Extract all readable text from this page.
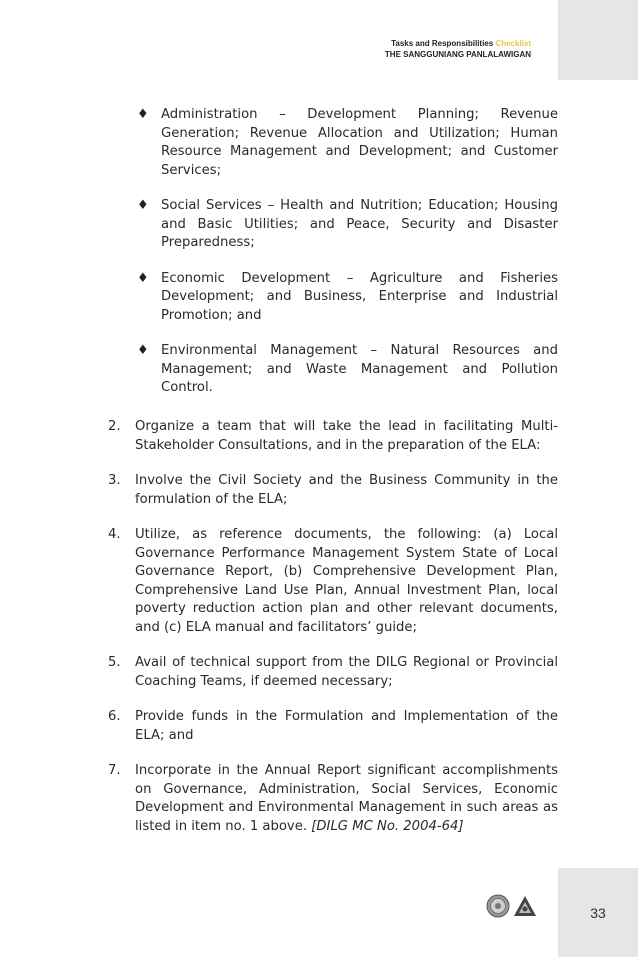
Tasks and Responsibilities Checklist
THE SANGGUNIANG PANLALAWIGAN
♦ Administration – Development Planning; Revenue Generation; Revenue Allocation and Utilization; Human Resource Management and Development; and Customer Services;
♦ Social Services – Health and Nutrition; Education; Housing and Basic Utilities; and Peace, Security and Disaster Preparedness;
♦ Economic Development – Agriculture and Fisheries Development; and Business, Enterprise and Industrial Promotion; and
♦ Environmental Management – Natural Resources and Management; and Waste Management and Pollution Control.
2.	Organize a team that will take the lead in facilitating Multi-Stakeholder Consultations, and in the preparation of the ELA:
3.	Involve the Civil Society and the Business Community in the formulation of the ELA;
4.	Utilize, as reference documents, the following: (a) Local Governance Performance Management System State of Local Governance Report, (b) Comprehensive Development Plan, Comprehensive Land Use Plan, Annual Investment Plan, local poverty reduction action plan and other relevant documents, and (c) ELA manual and facilitators’ guide;
5.	Avail of technical support from the DILG Regional or Provincial Coaching Teams, if deemed necessary;
6.	Provide funds in the Formulation and Implementation of the ELA; and
7.	Incorporate in the Annual Report significant accomplishments on Governance, Administration, Social Services, Economic Development and Environmental Management in such areas as listed in item no. 1 above. [DILG MC No. 2004-64]
33
